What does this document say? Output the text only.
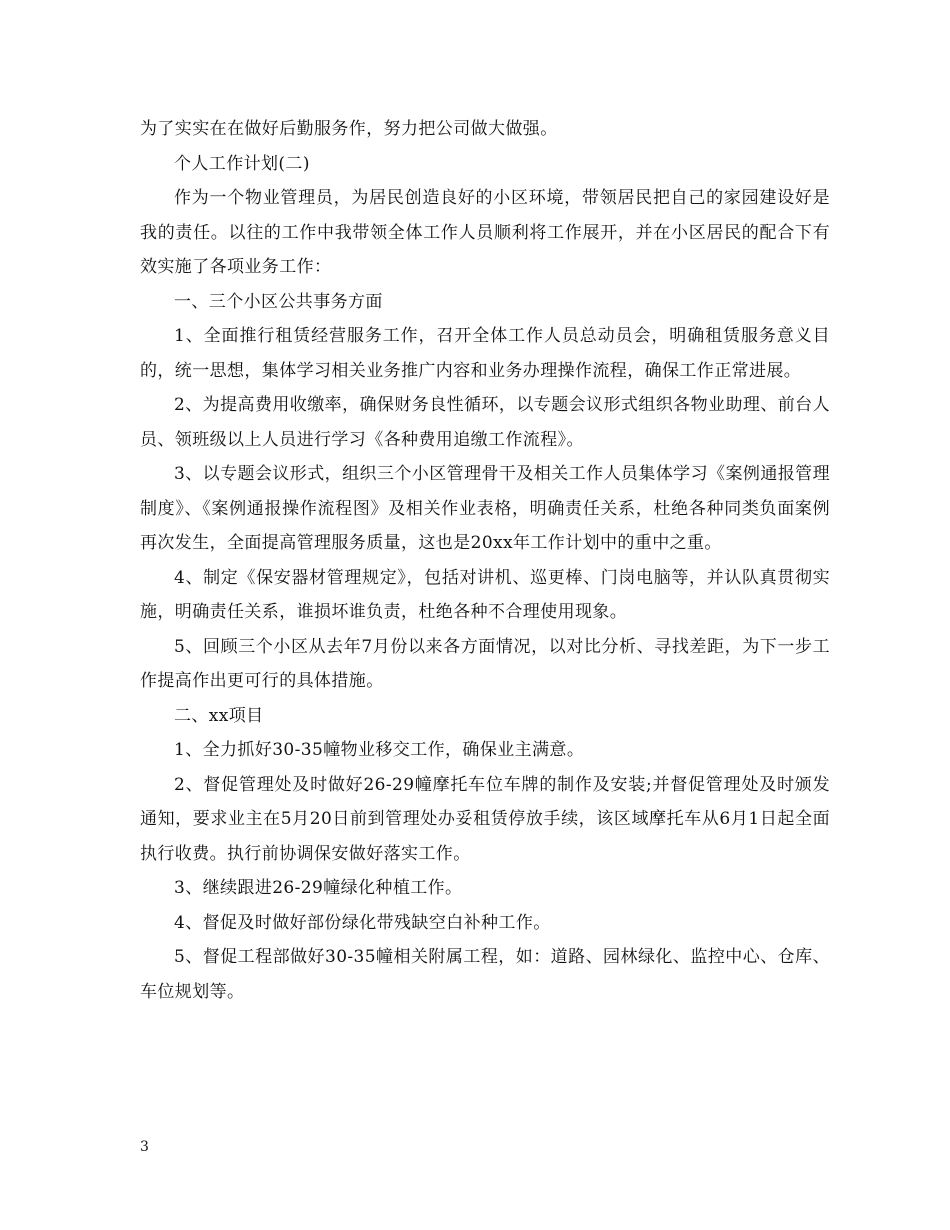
为了实实在在做好后勤服务作，努力把公司做大做强。

个人工作计划(二)

作为一个物业管理员，为居民创造良好的小区环境，带领居民把自己的家园建设好是我的责任。以往的工作中我带领全体工作人员顺利将工作展开，并在小区居民的配合下有效实施了各项业务工作：

一、三个小区公共事务方面

1、全面推行租赁经营服务工作，召开全体工作人员总动员会，明确租赁服务意义目的，统一思想，集体学习相关业务推广内容和业务办理操作流程，确保工作正常进展。

2、为提高费用收缴率，确保财务良性循环，以专题会议形式组织各物业助理、前台人员、领班级以上人员进行学习《各种费用追缴工作流程》。

3、以专题会议形式，组织三个小区管理骨干及相关工作人员集体学习《案例通报管理制度》、《案例通报操作流程图》及相关作业表格，明确责任关系，杜绝各种同类负面案例再次发生，全面提高管理服务质量，这也是20xx年工作计划中的重中之重。

4、制定《保安器材管理规定》，包括对讲机、巡更棒、门岗电脑等，并认队真贯彻实施，明确责任关系，谁损坏谁负责，杜绝各种不合理使用现象。

5、回顾三个小区从去年7月份以来各方面情况，以对比分析、寻找差距，为下一步工作提高作出更可行的具体措施。

二、xx项目

1、全力抓好30-35幢物业移交工作，确保业主满意。

2、督促管理处及时做好26-29幢摩托车位车牌的制作及安装;并督促管理处及时颁发通知，要求业主在5月20日前到管理处办妥租赁停放手续，该区域摩托车从6月1日起全面执行收费。执行前协调保安做好落实工作。

3、继续跟进26-29幢绿化种植工作。

4、督促及时做好部份绿化带残缺空白补种工作。

5、督促工程部做好30-35幢相关附属工程，如：道路、园林绿化、监控中心、仓库、车位规划等。

3
